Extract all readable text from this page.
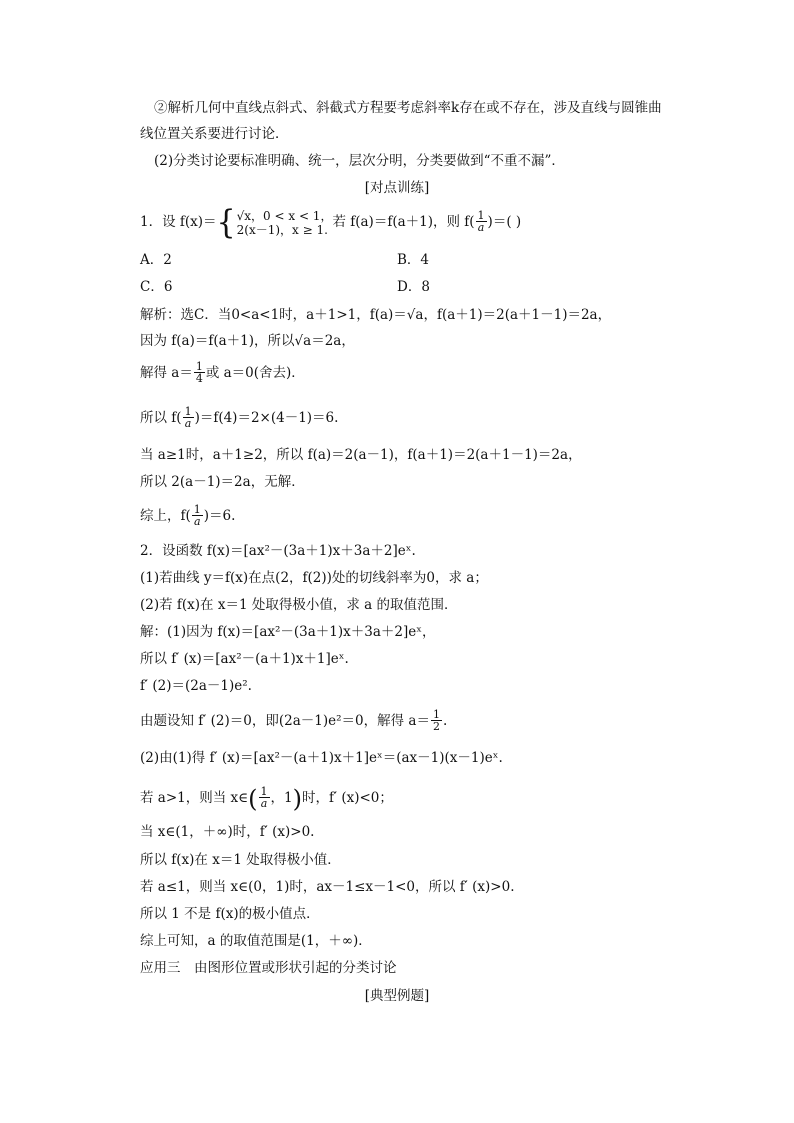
②解析几何中直线点斜式、斜截式方程要考虑斜率k存在或不存在，涉及直线与圆锥曲
线位置关系要进行讨论．
(2)分类讨论要标准明确、统一，层次分明，分类要做到“不重不漏”．
[对点训练]
1．设 f(x)＝{ √x，0 < x < 1，
2(x－1)，x ≥ 1. 若 f(a)＝f(a＋1)，则 $f( \frac{1}{a}$ )＝( )
A．2	B．4
C．6	D．8
解析：选C．当0<a<1时，a＋1>1，f(a)＝√a，f(a＋1)＝2(a＋1－1)＝2a，
因为 f(a)＝f(a＋1)，所以√a＝2a，
解得 $a= \frac{1}{4}$ 或 a＝0(舍去)．
所以 $f( \frac{1}{a} )=f(4)=2\times(4-1)=6$.
当 a≥1时，a＋1≥2，所以 f(a)＝2(a－1)，f(a＋1)＝2(a＋1－1)＝2a，
所以 2(a－1)＝2a，无解．
综上，$f( \frac{1}{a} )=6$.
2．设函数 f(x)＝[ax²－(3a＋1)x＋3a＋2]eˣ.
(1)若曲线 y＝f(x)在点(2，f(2))处的切线斜率为0，求 a；
(2)若 f(x)在 x＝1 处取得极小值，求 a 的取值范围．
解：(1)因为 f(x)＝[ax²－(3a＋1)x＋3a＋2]eˣ，
所以 f′ (x)＝[ax²－(a＋1)x＋1]eˣ.
f′ (2)＝(2a－1)e².
由题设知 f′ (2)＝0，即(2a－1)e²＝0，解得 $a= \frac{1}{2}$ .
(2)由(1)得 f′ (x)＝[ax²－(a＋1)x＋1]eˣ＝(ax－1)(x－1)eˣ.
若 a>1，则当 x∈( $\frac{1}{a}$ ，1)时，f′ (x)<0；
当 x∈(1，＋∞)时，f′ (x)>0.
所以 f(x)在 x＝1 处取得极小值．
若 a≤1，则当 x∈(0，1)时，ax－1≤x－1<0，所以 f′ (x)>0.
所以 1 不是 f(x)的极小值点．
综上可知，a 的取值范围是(1，＋∞)．
应用三　由图形位置或形状引起的分类讨论
[典型例题]
